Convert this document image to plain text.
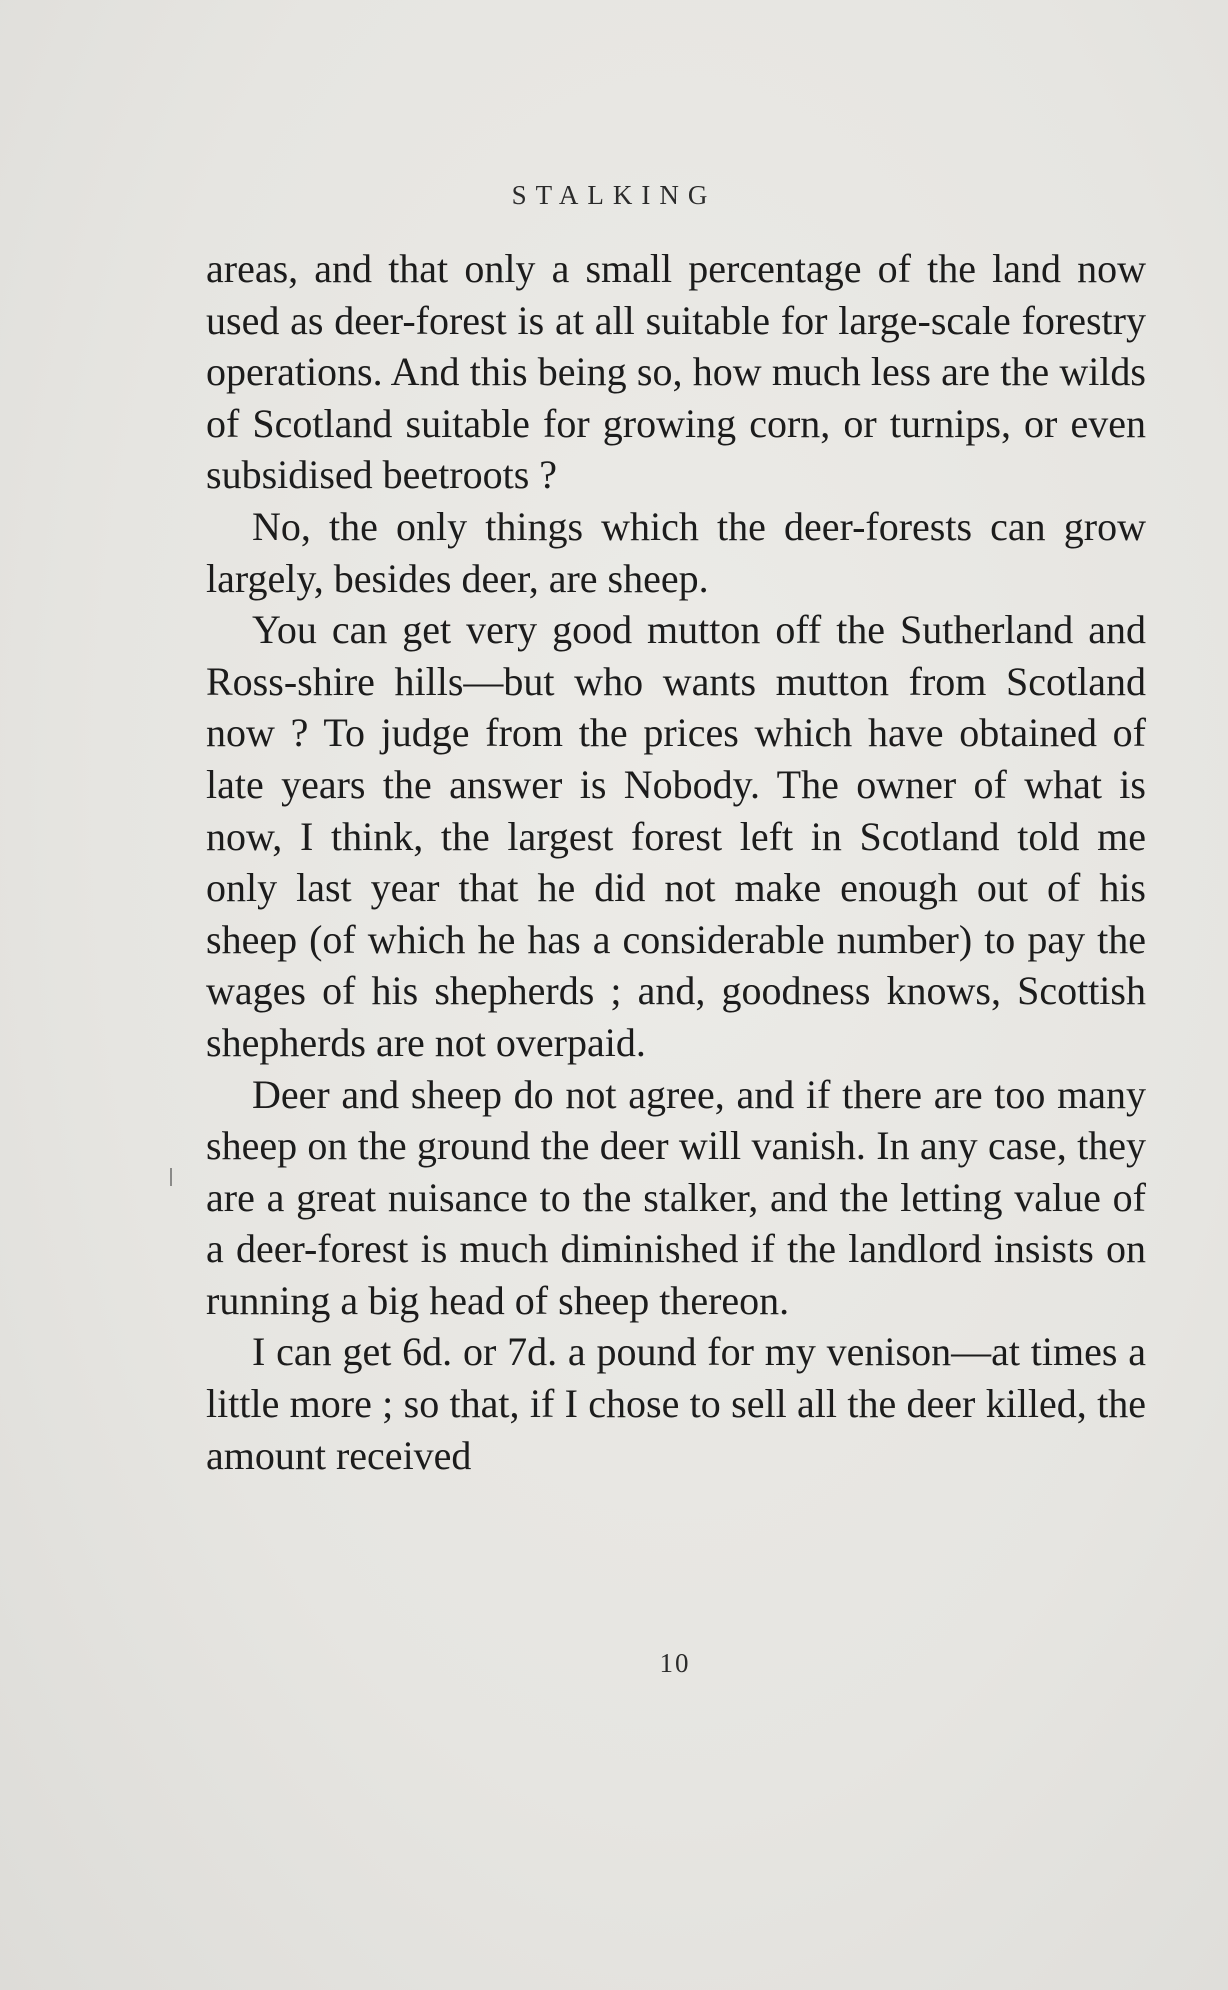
STALKING

areas, and that only a small percentage of the land now used as deer-forest is at all suitable for large-scale forestry operations. And this being so, how much less are the wilds of Scotland suitable for growing corn, or turnips, or even subsidised beetroots ?

No, the only things which the deer-forests can grow largely, besides deer, are sheep.

You can get very good mutton off the Sutherland and Ross-shire hills—but who wants mutton from Scotland now ? To judge from the prices which have obtained of late years the answer is Nobody. The owner of what is now, I think, the largest forest left in Scotland told me only last year that he did not make enough out of his sheep (of which he has a considerable number) to pay the wages of his shepherds ; and, goodness knows, Scottish shepherds are not overpaid.

Deer and sheep do not agree, and if there are too many sheep on the ground the deer will vanish. In any case, they are a great nuisance to the stalker, and the letting value of a deer-forest is much diminished if the landlord insists on running a big head of sheep thereon.

I can get 6d. or 7d. a pound for my venison—at times a little more ; so that, if I chose to sell all the deer killed, the amount received

10
